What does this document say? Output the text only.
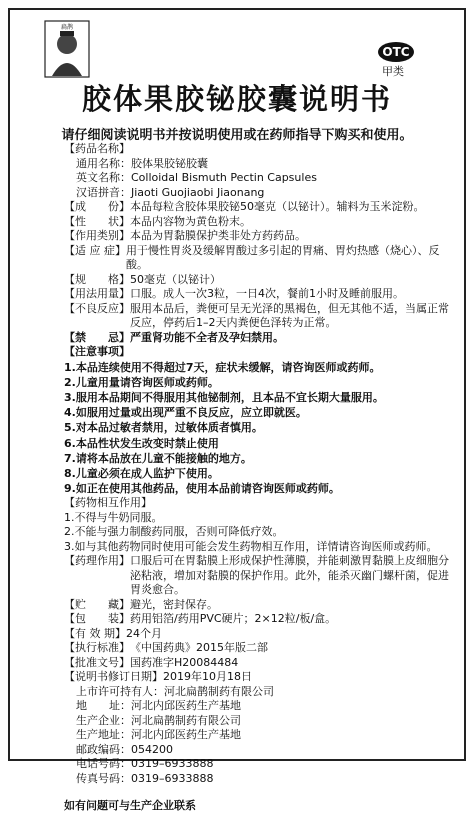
扁鹊
OTC
甲类
胶体果胶铋胶囊说明书
请仔细阅读说明书并按说明使用或在药师指导下购买和使用。
【药品名称】
通用名称： 胶体果胶铋胶囊
英文名称： Colloidal Bismuth Pectin Capsules
汉语拼音： Jiaoti Guojiaobi Jiaonang
【成　　份】 本品每粒含胶体果胶铋50毫克（以铋计）。辅料为玉米淀粉。
【性　　状】 本品内容物为黄色粉末。
【作用类别】 本品为胃黏膜保护类非处方药药品。
【适 应 症】 用于慢性胃炎及缓解胃酸过多引起的胃痛、胃灼热感（烧心）、反酸。
【规　　格】 50毫克（以铋计）
【用法用量】 口服。成人一次3粒，一日4次，餐前1小时及睡前服用。
【不良反应】 服用本品后，粪便可呈无光泽的黑褐色，但无其他不适，当属正常反应，停药后1–2天内粪便色泽转为正常。
【禁　　忌】 严重肾功能不全者及孕妇禁用。
【注意事项】
1.本品连续使用不得超过7天，症状未缓解，请咨询医师或药师。
2.儿童用量请咨询医师或药师。
3.服用本品期间不得服用其他铋制剂，且本品不宜长期大量服用。
4.如服用过量或出现严重不良反应，应立即就医。
5.对本品过敏者禁用，过敏体质者慎用。
6.本品性状发生改变时禁止使用
7.请将本品放在儿童不能接触的地方。
8.儿童必须在成人监护下使用。
9.如正在使用其他药品，使用本品前请咨询医师或药师。
【药物相互作用】
1.不得与牛奶同服。
2.不能与强力制酸药同服，否则可降低疗效。
3.如与其他药物同时使用可能会发生药物相互作用，详情请咨询医师或药师。
【药理作用】 口服后可在胃黏膜上形成保护性薄膜，并能刺激胃黏膜上皮细胞分泌粘液，增加对黏膜的保护作用。此外，能杀灭幽门螺杆菌，促进胃炎愈合。
【贮　　藏】 避光，密封保存。
【包　　装】 药用铝箔/药用PVC硬片；2×12粒/板/盒。
【有 效 期】 24个月
【执行标准】 《中国药典》2015年版二部
【批准文号】 国药准字H20084484
【说明书修订日期】 2019年10月18日
上市许可持有人： 河北扁鹊制药有限公司
地　　址： 河北内邱医药生产基地
生产企业： 河北扁鹊制药有限公司
生产地址： 河北内邱医药生产基地
邮政编码： 054200
电话号码： 0319–6933888
传真号码： 0319–6933888
如有问题可与生产企业联系
